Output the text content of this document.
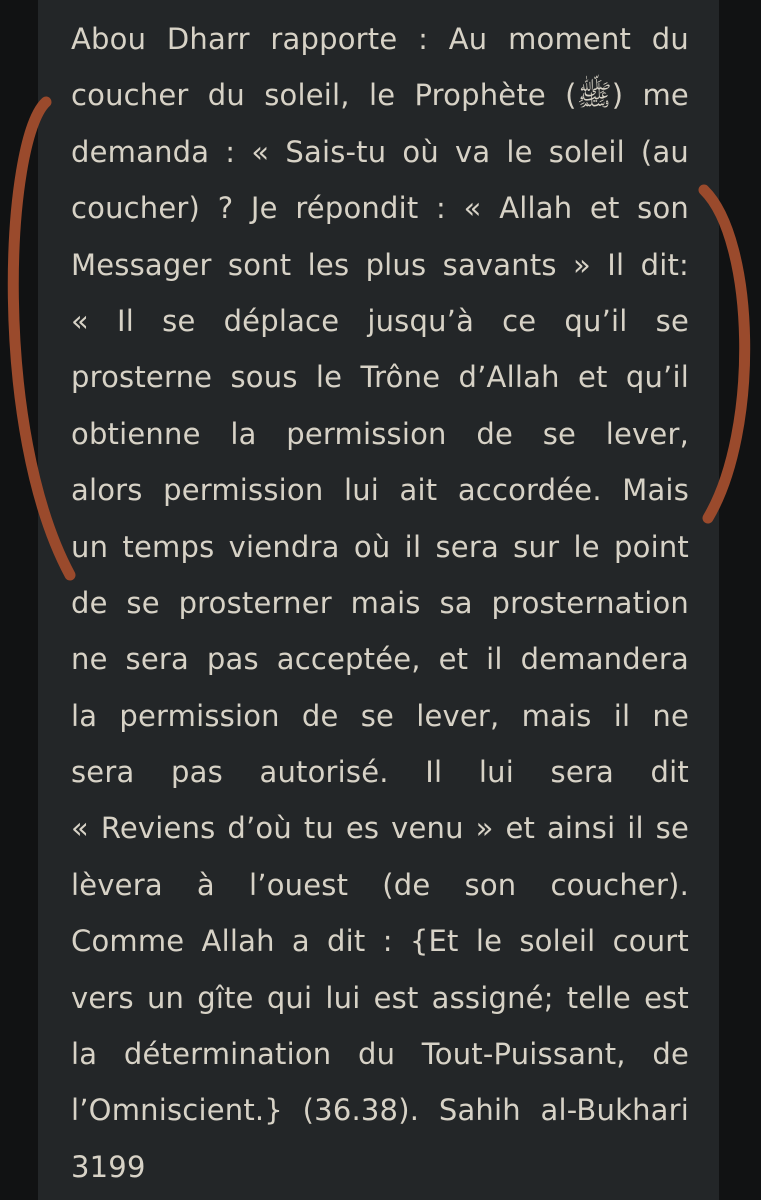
Abou Dharr rapporte : Au moment du
coucher du soleil, le Prophète (ﷺ) me
demanda : « Sais-tu où va le soleil (au
coucher) ? Je répondit : « Allah et son
Messager sont les plus savants » Il dit:
« Il se déplace jusqu’à ce qu’il se
prosterne sous le Trône d’Allah et qu’il
obtienne la permission de se lever,
alors permission lui ait accordée. Mais
un temps viendra où il sera sur le point
de se prosterner mais sa prosternation
ne sera pas acceptée, et il demandera
la permission de se lever, mais il ne
sera pas autorisé. Il lui sera dit
« Reviens d’où tu es venu » et ainsi il se
lèvera à l’ouest (de son coucher).
Comme Allah a dit : {Et le soleil court
vers un gîte qui lui est assigné; telle est
la détermination du Tout-Puissant, de
l’Omniscient.} (36.38). Sahih al-Bukhari
3199
